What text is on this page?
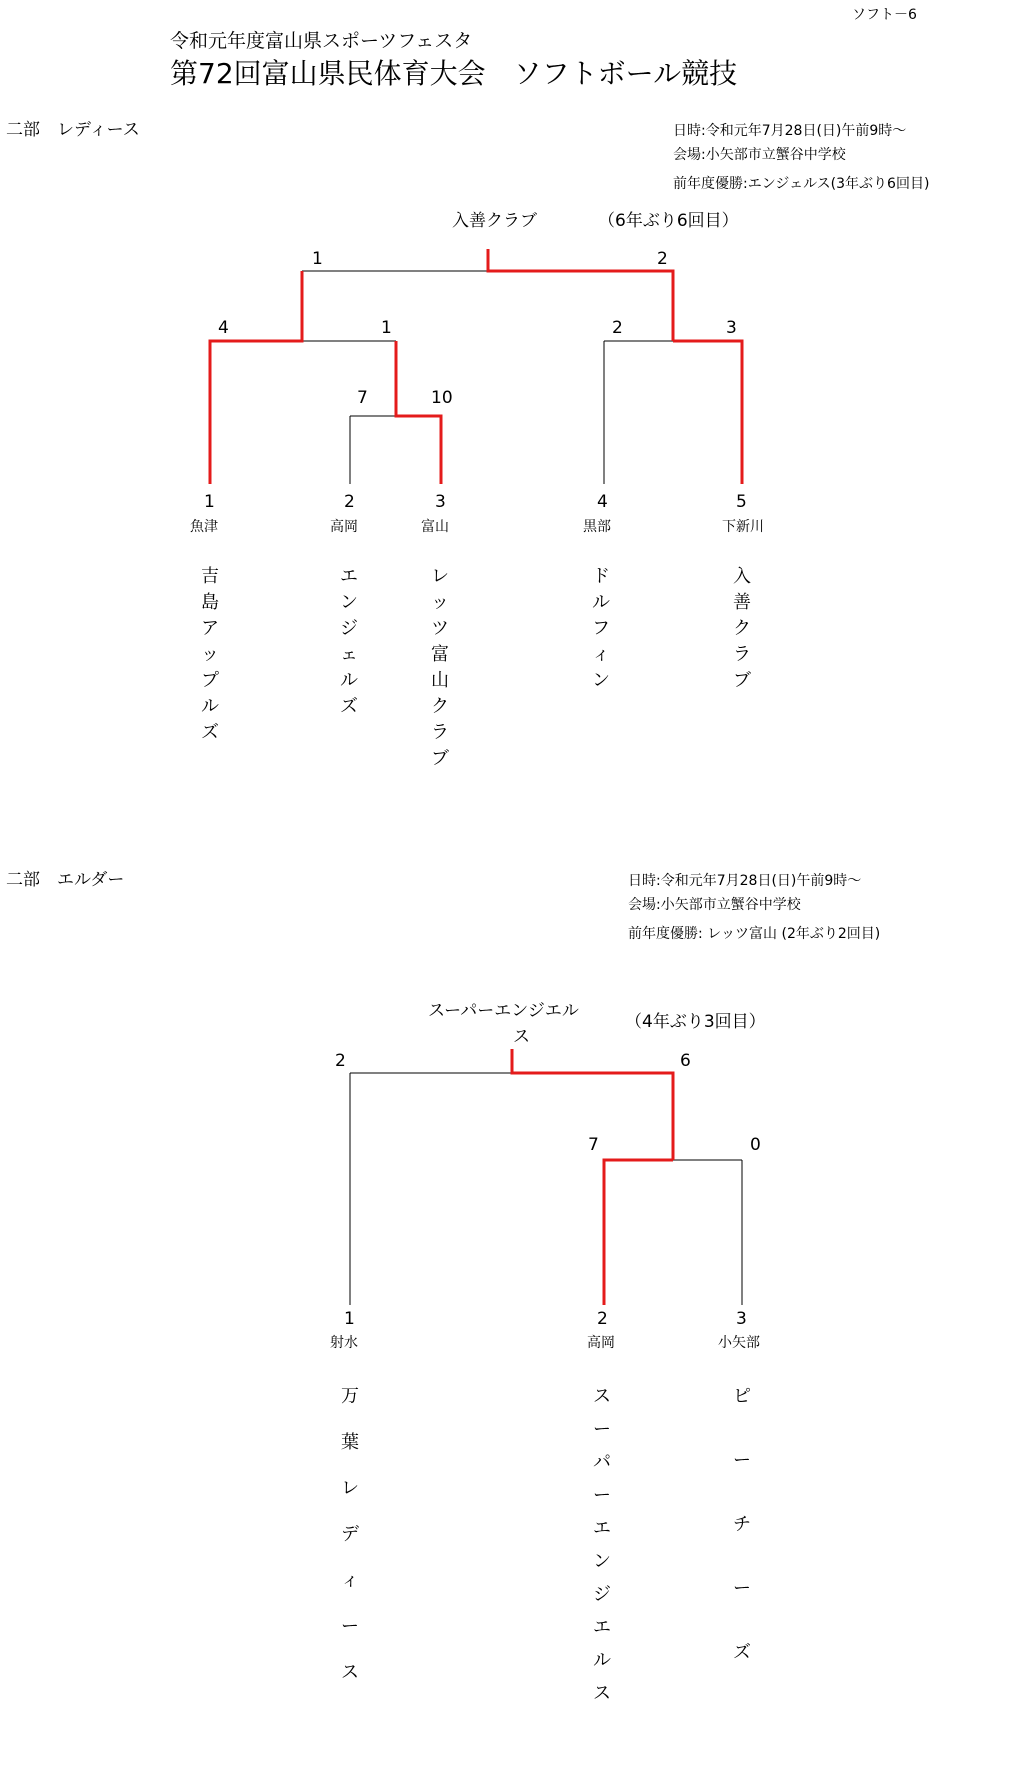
ソフト－6
令和元年度富山県スポーツフェスタ
第72回富山県民体育大会　ソフトボール競技
二部　レディース	日時:令和元年7月28日(日)午前9時～
会場:小矢部市立蟹谷中学校
前年度優勝:エンジェルス(3年ぶり6回目)
入善クラブ	（6年ぶり6回目）
1	2
4	1	2	3
7	10
1
魚津
2
高岡
3
富山
4
黒部
5
下新川
吉
島
ア
ッ
プ
ル
ズ
エ
ン
ジ
ェ
ル
ズ
レ
ッ
ツ
富
山
ク
ラ
ブ
ド
ル
フ
ィ
ン
入
善
ク
ラ
ブ
二部　エルダー	日時:令和元年7月28日(日)午前9時～
会場:小矢部市立蟹谷中学校
前年度優勝: レッツ富山 (2年ぶり2回目)
スーパーエンジエル
ス
（4年ぶり3回目）
2	6
7	0
1
射水
2
高岡
3
小矢部
万
葉
レ
デ
ィ
ー
ス
ス
ー
パ
ー
エ
ン
ジ
エ
ル
ス
ピ
ー
チ
ー
ズ
